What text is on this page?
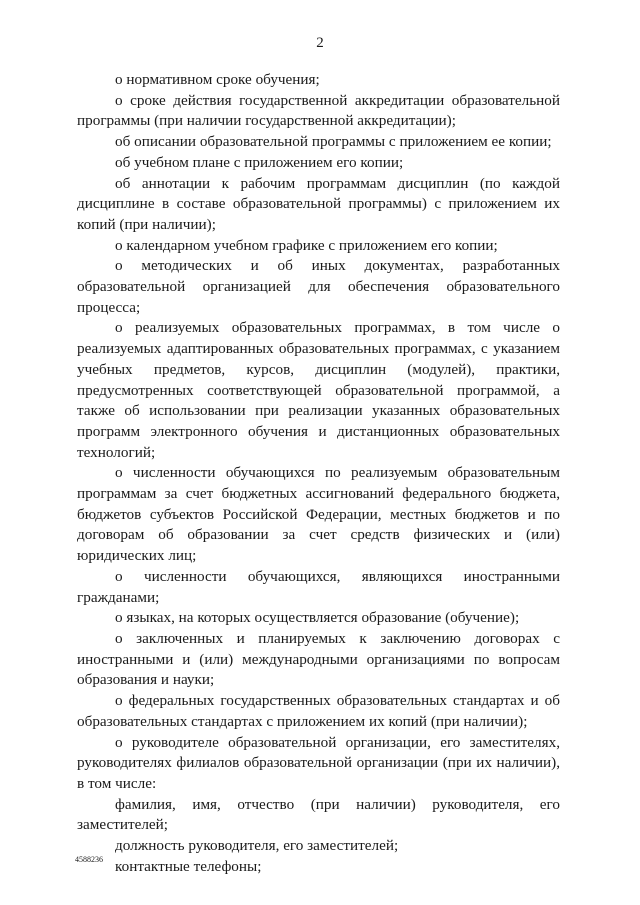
2

о нормативном сроке обучения;

о сроке действия государственной аккредитации образовательной программы (при наличии государственной аккредитации);

об описании образовательной программы с приложением ее копии;

об учебном плане с приложением его копии;

об аннотации к рабочим программам дисциплин (по каждой дисциплине в составе образовательной программы) с приложением их копий (при наличии);

о календарном учебном графике с приложением его копии;

о методических и об иных документах, разработанных образовательной организацией для обеспечения образовательного процесса;

о реализуемых образовательных программах, в том числе о реализуемых адаптированных образовательных программах, с указанием учебных предметов, курсов, дисциплин (модулей), практики, предусмотренных соответствующей образовательной программой, а также об использовании при реализации указанных образовательных программ электронного обучения и дистанционных образовательных технологий;

о численности обучающихся по реализуемым образовательным программам за счет бюджетных ассигнований федерального бюджета, бюджетов субъектов Российской Федерации, местных бюджетов и по договорам об образовании за счет средств физических и (или) юридических лиц;

о численности обучающихся, являющихся иностранными гражданами;

о языках, на которых осуществляется образование (обучение);

о заключенных и планируемых к заключению договорах с иностранными и (или) международными организациями по вопросам образования и науки;

о федеральных государственных образовательных стандартах и об образовательных стандартах с приложением их копий (при наличии);

о руководителе образовательной организации, его заместителях, руководителях филиалов образовательной организации (при их наличии), в том числе:

фамилия, имя, отчество (при наличии) руководителя, его заместителей;

должность руководителя, его заместителей;

контактные телефоны;

4588236
